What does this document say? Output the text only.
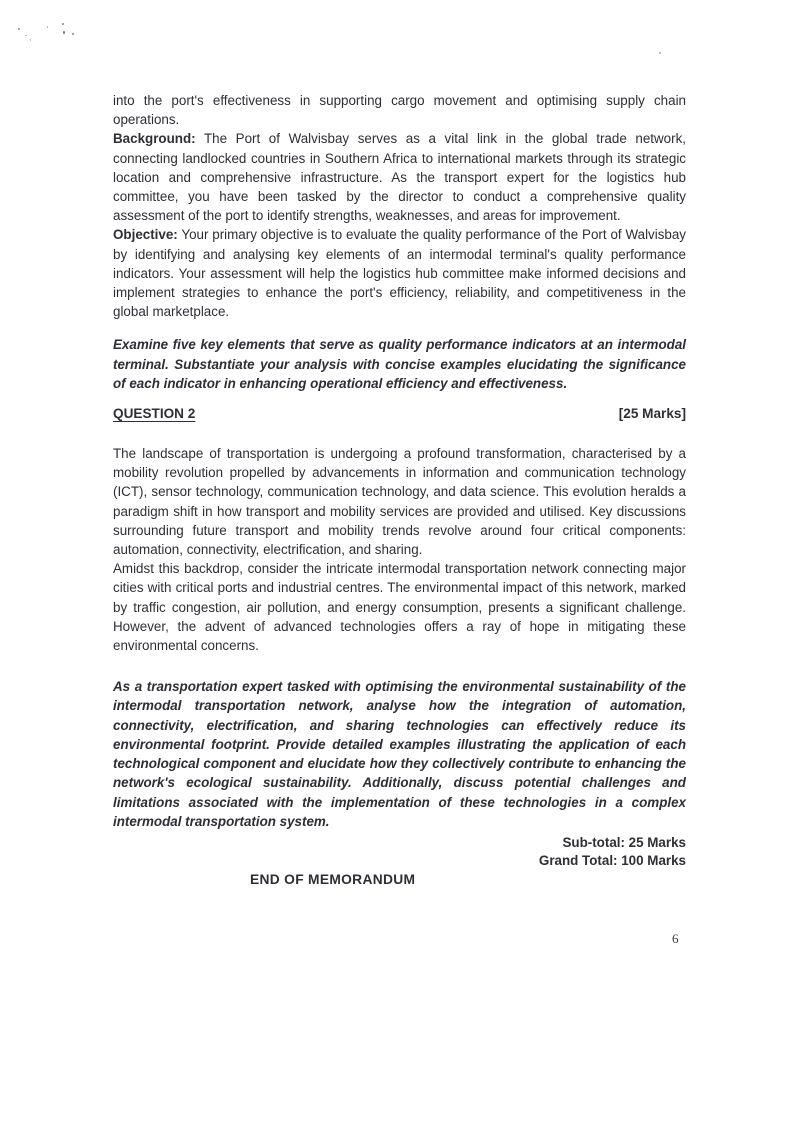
into the port's effectiveness in supporting cargo movement and optimising supply chain operations.

Background: The Port of Walvisbay serves as a vital link in the global trade network, connecting landlocked countries in Southern Africa to international markets through its strategic location and comprehensive infrastructure. As the transport expert for the logistics hub committee, you have been tasked by the director to conduct a comprehensive quality assessment of the port to identify strengths, weaknesses, and areas for improvement.

Objective: Your primary objective is to evaluate the quality performance of the Port of Walvisbay by identifying and analysing key elements of an intermodal terminal's quality performance indicators. Your assessment will help the logistics hub committee make informed decisions and implement strategies to enhance the port's efficiency, reliability, and competitiveness in the global marketplace.

Examine five key elements that serve as quality performance indicators at an intermodal terminal. Substantiate your analysis with concise examples elucidating the significance of each indicator in enhancing operational efficiency and effectiveness.

QUESTION 2	[25 Marks]

The landscape of transportation is undergoing a profound transformation, characterised by a mobility revolution propelled by advancements in information and communication technology (ICT), sensor technology, communication technology, and data science. This evolution heralds a paradigm shift in how transport and mobility services are provided and utilised. Key discussions surrounding future transport and mobility trends revolve around four critical components: automation, connectivity, electrification, and sharing.

Amidst this backdrop, consider the intricate intermodal transportation network connecting major cities with critical ports and industrial centres. The environmental impact of this network, marked by traffic congestion, air pollution, and energy consumption, presents a significant challenge. However, the advent of advanced technologies offers a ray of hope in mitigating these environmental concerns.

As a transportation expert tasked with optimising the environmental sustainability of the intermodal transportation network, analyse how the integration of automation, connectivity, electrification, and sharing technologies can effectively reduce its environmental footprint. Provide detailed examples illustrating the application of each technological component and elucidate how they collectively contribute to enhancing the network's ecological sustainability. Additionally, discuss potential challenges and limitations associated with the implementation of these technologies in a complex intermodal transportation system.

Sub-total: 25 Marks
Grand Total: 100 Marks
END OF MEMORANDUM
6
